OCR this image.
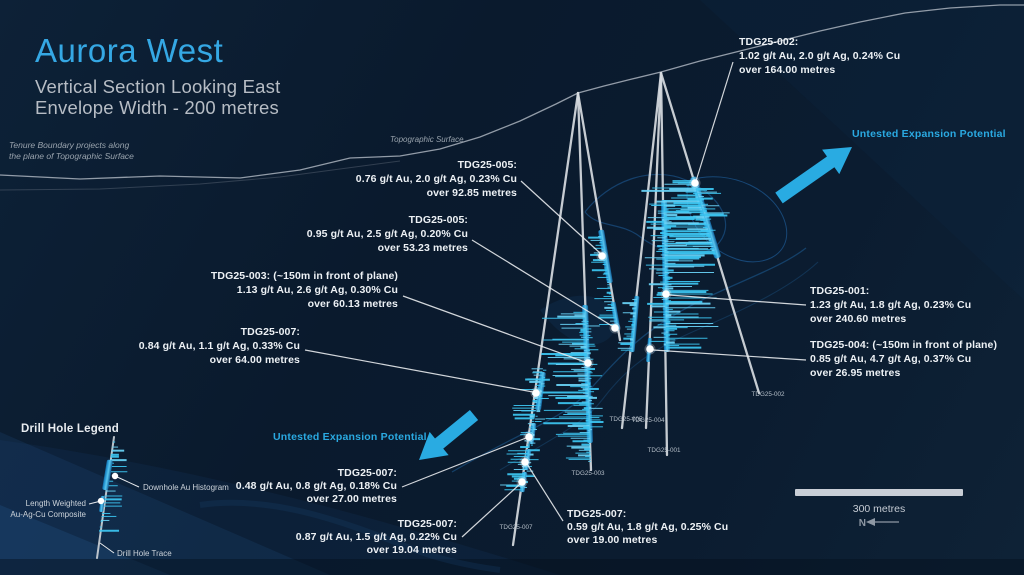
Topographic Surface	Untested Expansion Potential
Untested Expansion Potential
TDG25-002:
1.02 g/t Au, 2.0 g/t Ag, 0.24% Cu
over 164.00 metres
TDG25-005:
0.76 g/t Au, 2.0 g/t Ag, 0.23% Cu
over 92.85 metres
TDG25-005:
0.95 g/t Au, 2.5 g/t Ag, 0.20% Cu
over 53.23 metres
TDG25-003: (~150m in front of plane)
1.13 g/t Au, 2.6 g/t Ag, 0.30% Cu
over 60.13 metres
TDG25-007:
0.84 g/t Au, 1.1 g/t Ag, 0.33% Cu
over 64.00 metres
TDG25-001:
1.23 g/t Au, 1.8 g/t Ag, 0.23% Cu
over 240.60 metres
TDG25-004: (~150m in front of plane)
0.85 g/t Au, 4.7 g/t Ag, 0.37% Cu
over 26.95 metres
TDG25-007:
0.48 g/t Au, 0.8 g/t Ag, 0.18% Cu
over 27.00 metres
TDG25-007:
0.87 g/t Au, 1.5 g/t Ag, 0.22% Cu
over 19.04 metres
TDG25-007:
0.59 g/t Au, 1.8 g/t Ag, 0.25% Cu
over 19.00 metres
TDG25-002
TDG25-001
TDG25-004
TDG25-005
TDG25-003
TDG25-007
Drill Hole Legend
Downhole Au Histogram
Length Weighted
Au-Ag-Cu Composite
Drill Hole Trace
300 metres
N
Aurora West
Vertical Section Looking East
Envelope Width - 200 metres
Tenure Boundary projects along
the plane of Topographic Surface
